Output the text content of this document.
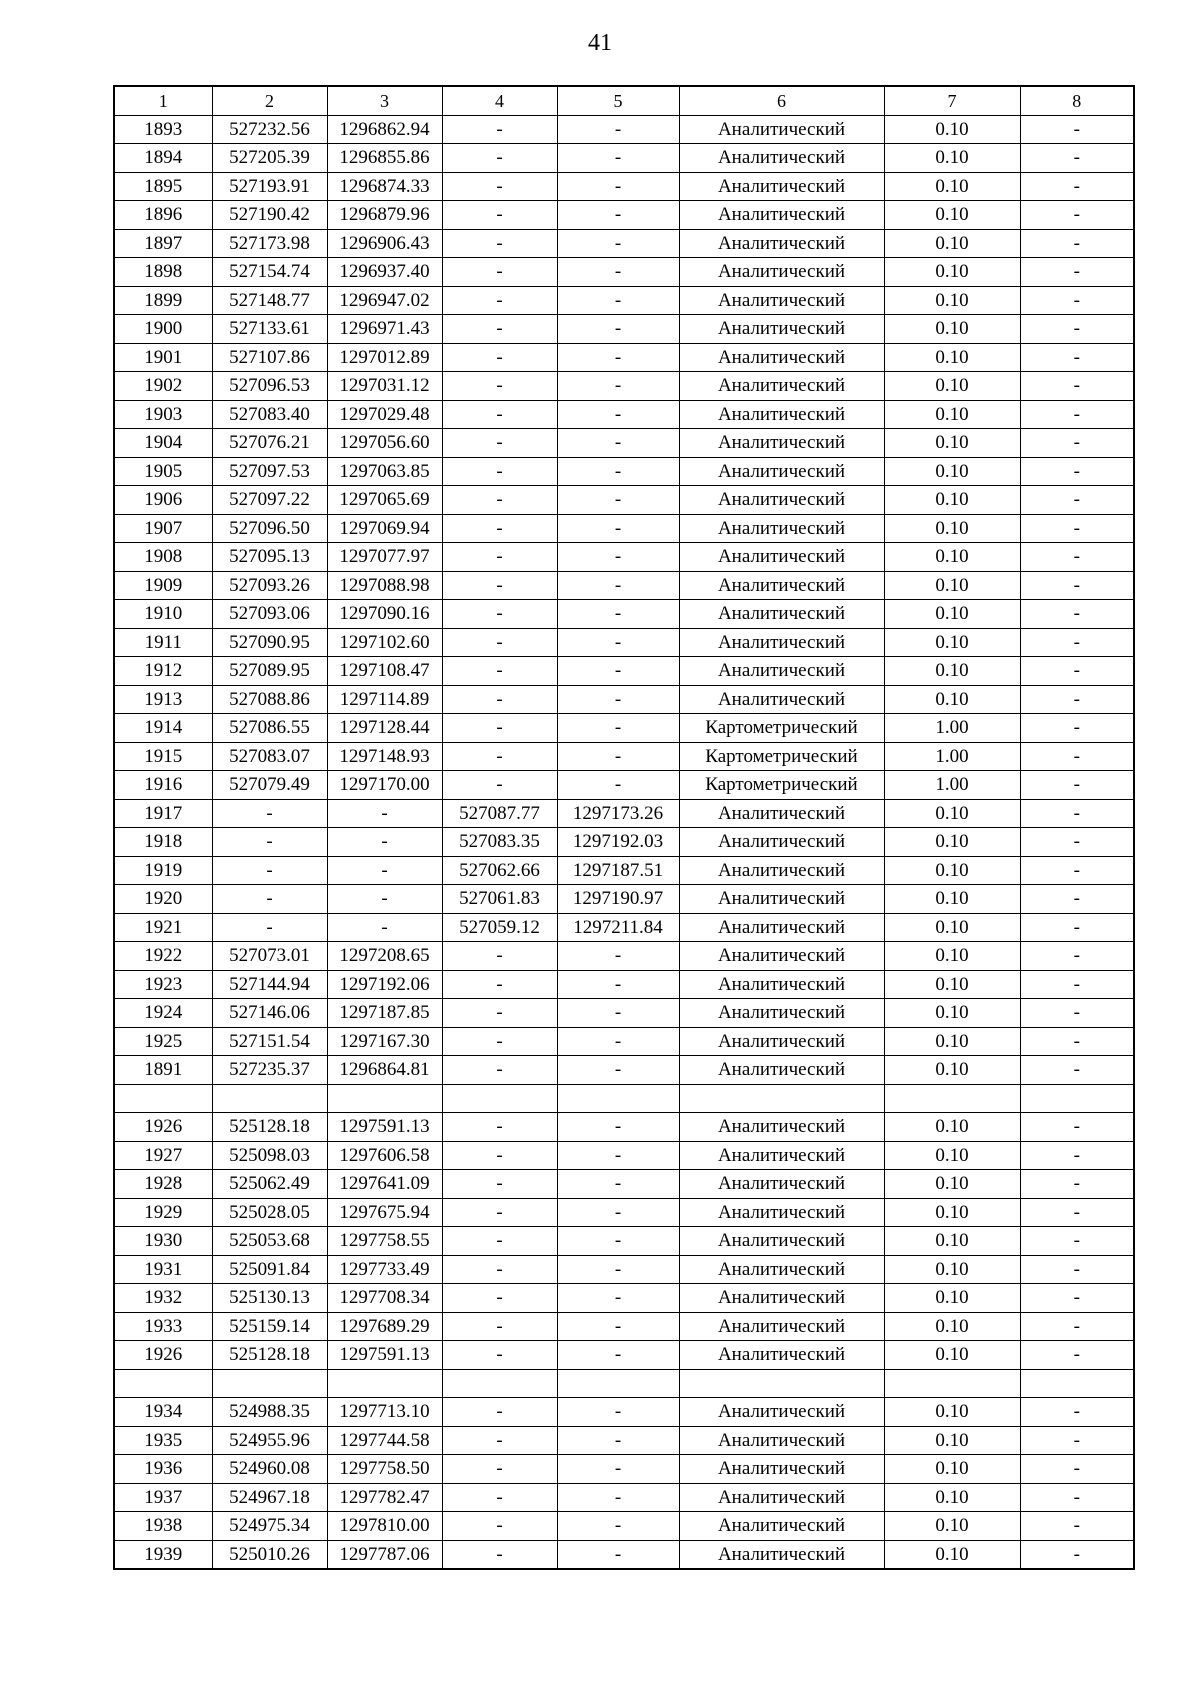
41
1	2	3	4	5	6	7	8
1893	527232.56	1296862.94	-	-	Аналитический	0.10	-
1894	527205.39	1296855.86	-	-	Аналитический	0.10	-
1895	527193.91	1296874.33	-	-	Аналитический	0.10	-
1896	527190.42	1296879.96	-	-	Аналитический	0.10	-
1897	527173.98	1296906.43	-	-	Аналитический	0.10	-
1898	527154.74	1296937.40	-	-	Аналитический	0.10	-
1899	527148.77	1296947.02	-	-	Аналитический	0.10	-
1900	527133.61	1296971.43	-	-	Аналитический	0.10	-
1901	527107.86	1297012.89	-	-	Аналитический	0.10	-
1902	527096.53	1297031.12	-	-	Аналитический	0.10	-
1903	527083.40	1297029.48	-	-	Аналитический	0.10	-
1904	527076.21	1297056.60	-	-	Аналитический	0.10	-
1905	527097.53	1297063.85	-	-	Аналитический	0.10	-
1906	527097.22	1297065.69	-	-	Аналитический	0.10	-
1907	527096.50	1297069.94	-	-	Аналитический	0.10	-
1908	527095.13	1297077.97	-	-	Аналитический	0.10	-
1909	527093.26	1297088.98	-	-	Аналитический	0.10	-
1910	527093.06	1297090.16	-	-	Аналитический	0.10	-
1911	527090.95	1297102.60	-	-	Аналитический	0.10	-
1912	527089.95	1297108.47	-	-	Аналитический	0.10	-
1913	527088.86	1297114.89	-	-	Аналитический	0.10	-
1914	527086.55	1297128.44	-	-	Картометрический	1.00	-
1915	527083.07	1297148.93	-	-	Картометрический	1.00	-
1916	527079.49	1297170.00	-	-	Картометрический	1.00	-
1917	-	-	527087.77	1297173.26	Аналитический	0.10	-
1918	-	-	527083.35	1297192.03	Аналитический	0.10	-
1919	-	-	527062.66	1297187.51	Аналитический	0.10	-
1920	-	-	527061.83	1297190.97	Аналитический	0.10	-
1921	-	-	527059.12	1297211.84	Аналитический	0.10	-
1922	527073.01	1297208.65	-	-	Аналитический	0.10	-
1923	527144.94	1297192.06	-	-	Аналитический	0.10	-
1924	527146.06	1297187.85	-	-	Аналитический	0.10	-
1925	527151.54	1297167.30	-	-	Аналитический	0.10	-
1891	527235.37	1296864.81	-	-	Аналитический	0.10	-

1926	525128.18	1297591.13	-	-	Аналитический	0.10	-
1927	525098.03	1297606.58	-	-	Аналитический	0.10	-
1928	525062.49	1297641.09	-	-	Аналитический	0.10	-
1929	525028.05	1297675.94	-	-	Аналитический	0.10	-
1930	525053.68	1297758.55	-	-	Аналитический	0.10	-
1931	525091.84	1297733.49	-	-	Аналитический	0.10	-
1932	525130.13	1297708.34	-	-	Аналитический	0.10	-
1933	525159.14	1297689.29	-	-	Аналитический	0.10	-
1926	525128.18	1297591.13	-	-	Аналитический	0.10	-

1934	524988.35	1297713.10	-	-	Аналитический	0.10	-
1935	524955.96	1297744.58	-	-	Аналитический	0.10	-
1936	524960.08	1297758.50	-	-	Аналитический	0.10	-
1937	524967.18	1297782.47	-	-	Аналитический	0.10	-
1938	524975.34	1297810.00	-	-	Аналитический	0.10	-
1939	525010.26	1297787.06	-	-	Аналитический	0.10	-
